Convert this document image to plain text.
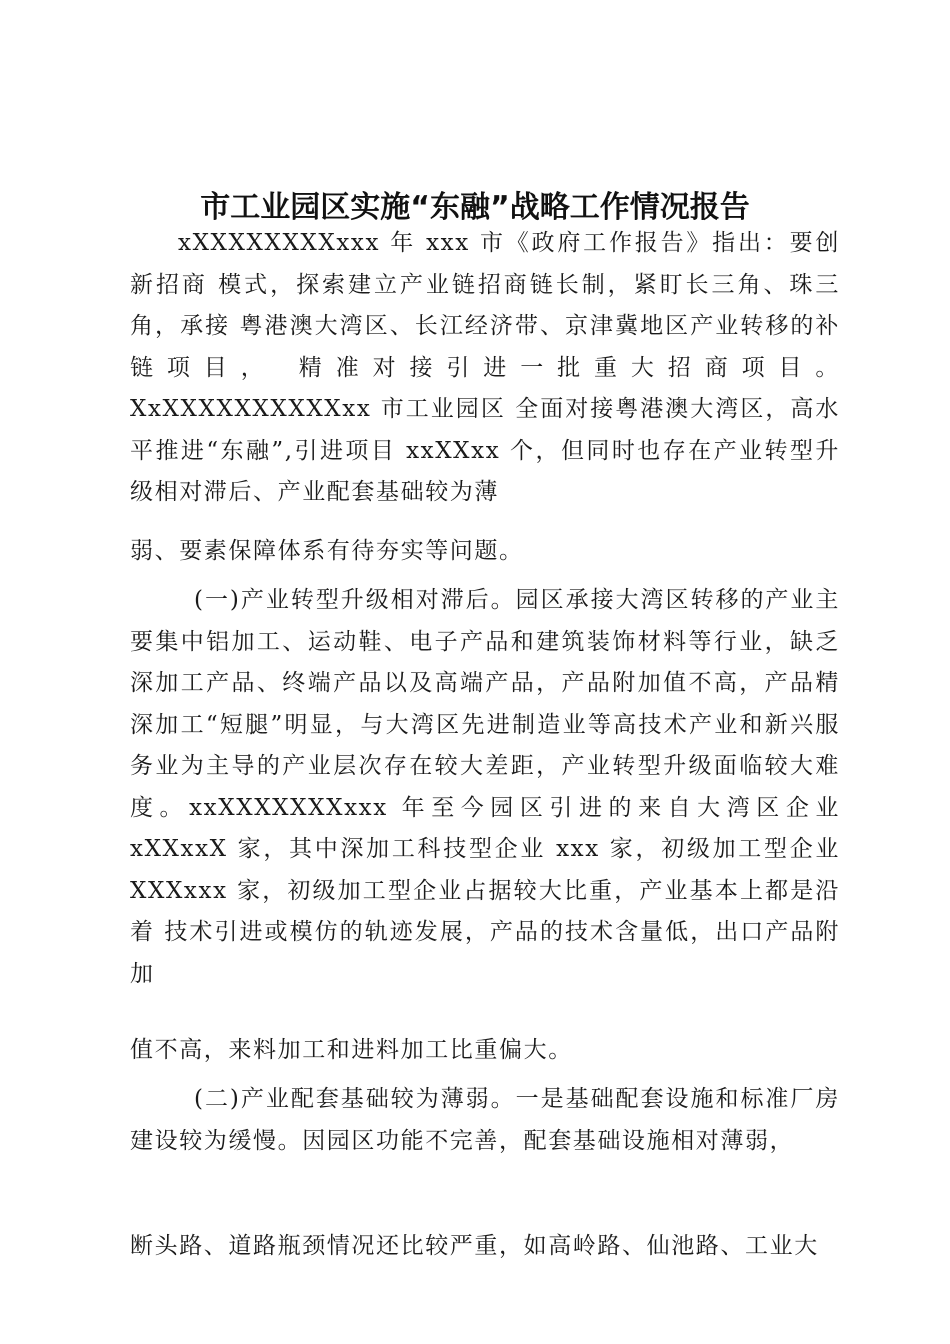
市工业园区实施“东融”战略工作情况报告

xXXXXXXXXxxx 年 xxx 市《政府工作报告》指出：要创新招商 模式，探索建立产业链招商链长制，紧盯长三角、珠三角，承接 粤港澳大湾区、长江经济带、京津冀地区产业转移的补链项目， 精准对接引进一批重大招商项目。XxXXXXXXXXXXxx 市工业园区 全面对接粤港澳大湾区，高水平推进“东融”,引进项目 xxXXxx 个，但同时也存在产业转型升级相对滞后、产业配套基础较为薄

弱、要素保障体系有待夯实等问题。

(一)产业转型升级相对滞后。园区承接大湾区转移的产业主要集中铝加工、运动鞋、电子产品和建筑装饰材料等行业，缺乏深加工产品、终端产品以及高端产品，产品附加值不高，产品精深加工“短腿”明显，与大湾区先进制造业等高技术产业和新兴服务业为主导的产业层次存在较大差距，产业转型升级面临较大难度。xxXXXXXXXxxx 年至今园区引进的来自大湾区企业 xXXxxX 家，其中深加工科技型企业 xxx 家，初级加工型企业 XXXxxx 家，初级加工型企业占据较大比重，产业基本上都是沿着 技术引进或模仿的轨迹发展，产品的技术含量低，出口产品附加

值不高，来料加工和进料加工比重偏大。

(二)产业配套基础较为薄弱。一是基础配套设施和标准厂房建设较为缓慢。因园区功能不完善，配套基础设施相对薄弱，

断头路、道路瓶颈情况还比较严重，如高岭路、仙池路、工业大
